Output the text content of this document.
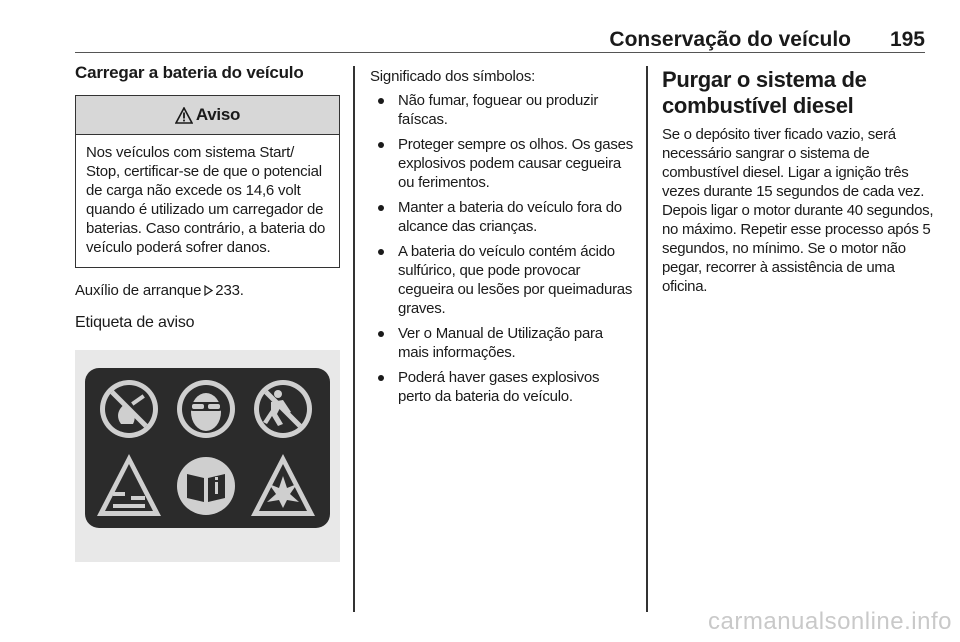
Conservação do veículo 195
Carregar a bateria do veículo
Aviso
Nos veículos com sistema Start/ Stop, certificar-se de que o potencial de carga não excede os 14,6 volt quando é utilizado um carregador de baterias. Caso contrário, a bateria do veículo poderá sofrer danos.

Auxílio de arranque 233.

Etiqueta de aviso

Significado dos símbolos:

Não fumar, foguear ou produzir faíscas.
Proteger sempre os olhos. Os gases explosivos podem causar cegueira ou ferimentos.
Manter a bateria do veículo fora do alcance das crianças.
A bateria do veículo contém ácido sulfúrico, que pode provocar cegueira ou lesões por queimaduras graves.
Ver o Manual de Utilização para mais informações.
Poderá haver gases explosivos perto da bateria do veículo.
Purgar o sistema de combustível diesel

Se o depósito tiver ficado vazio, será necessário sangrar o sistema de combustível diesel. Ligar a ignição três vezes durante 15 segundos de cada vez. Depois ligar o motor durante 40 segundos, no máximo. Repetir esse processo após 5 segundos, no mínimo. Se o motor não pegar, recorrer à assistência de uma oficina.

carmanualsonline.info
